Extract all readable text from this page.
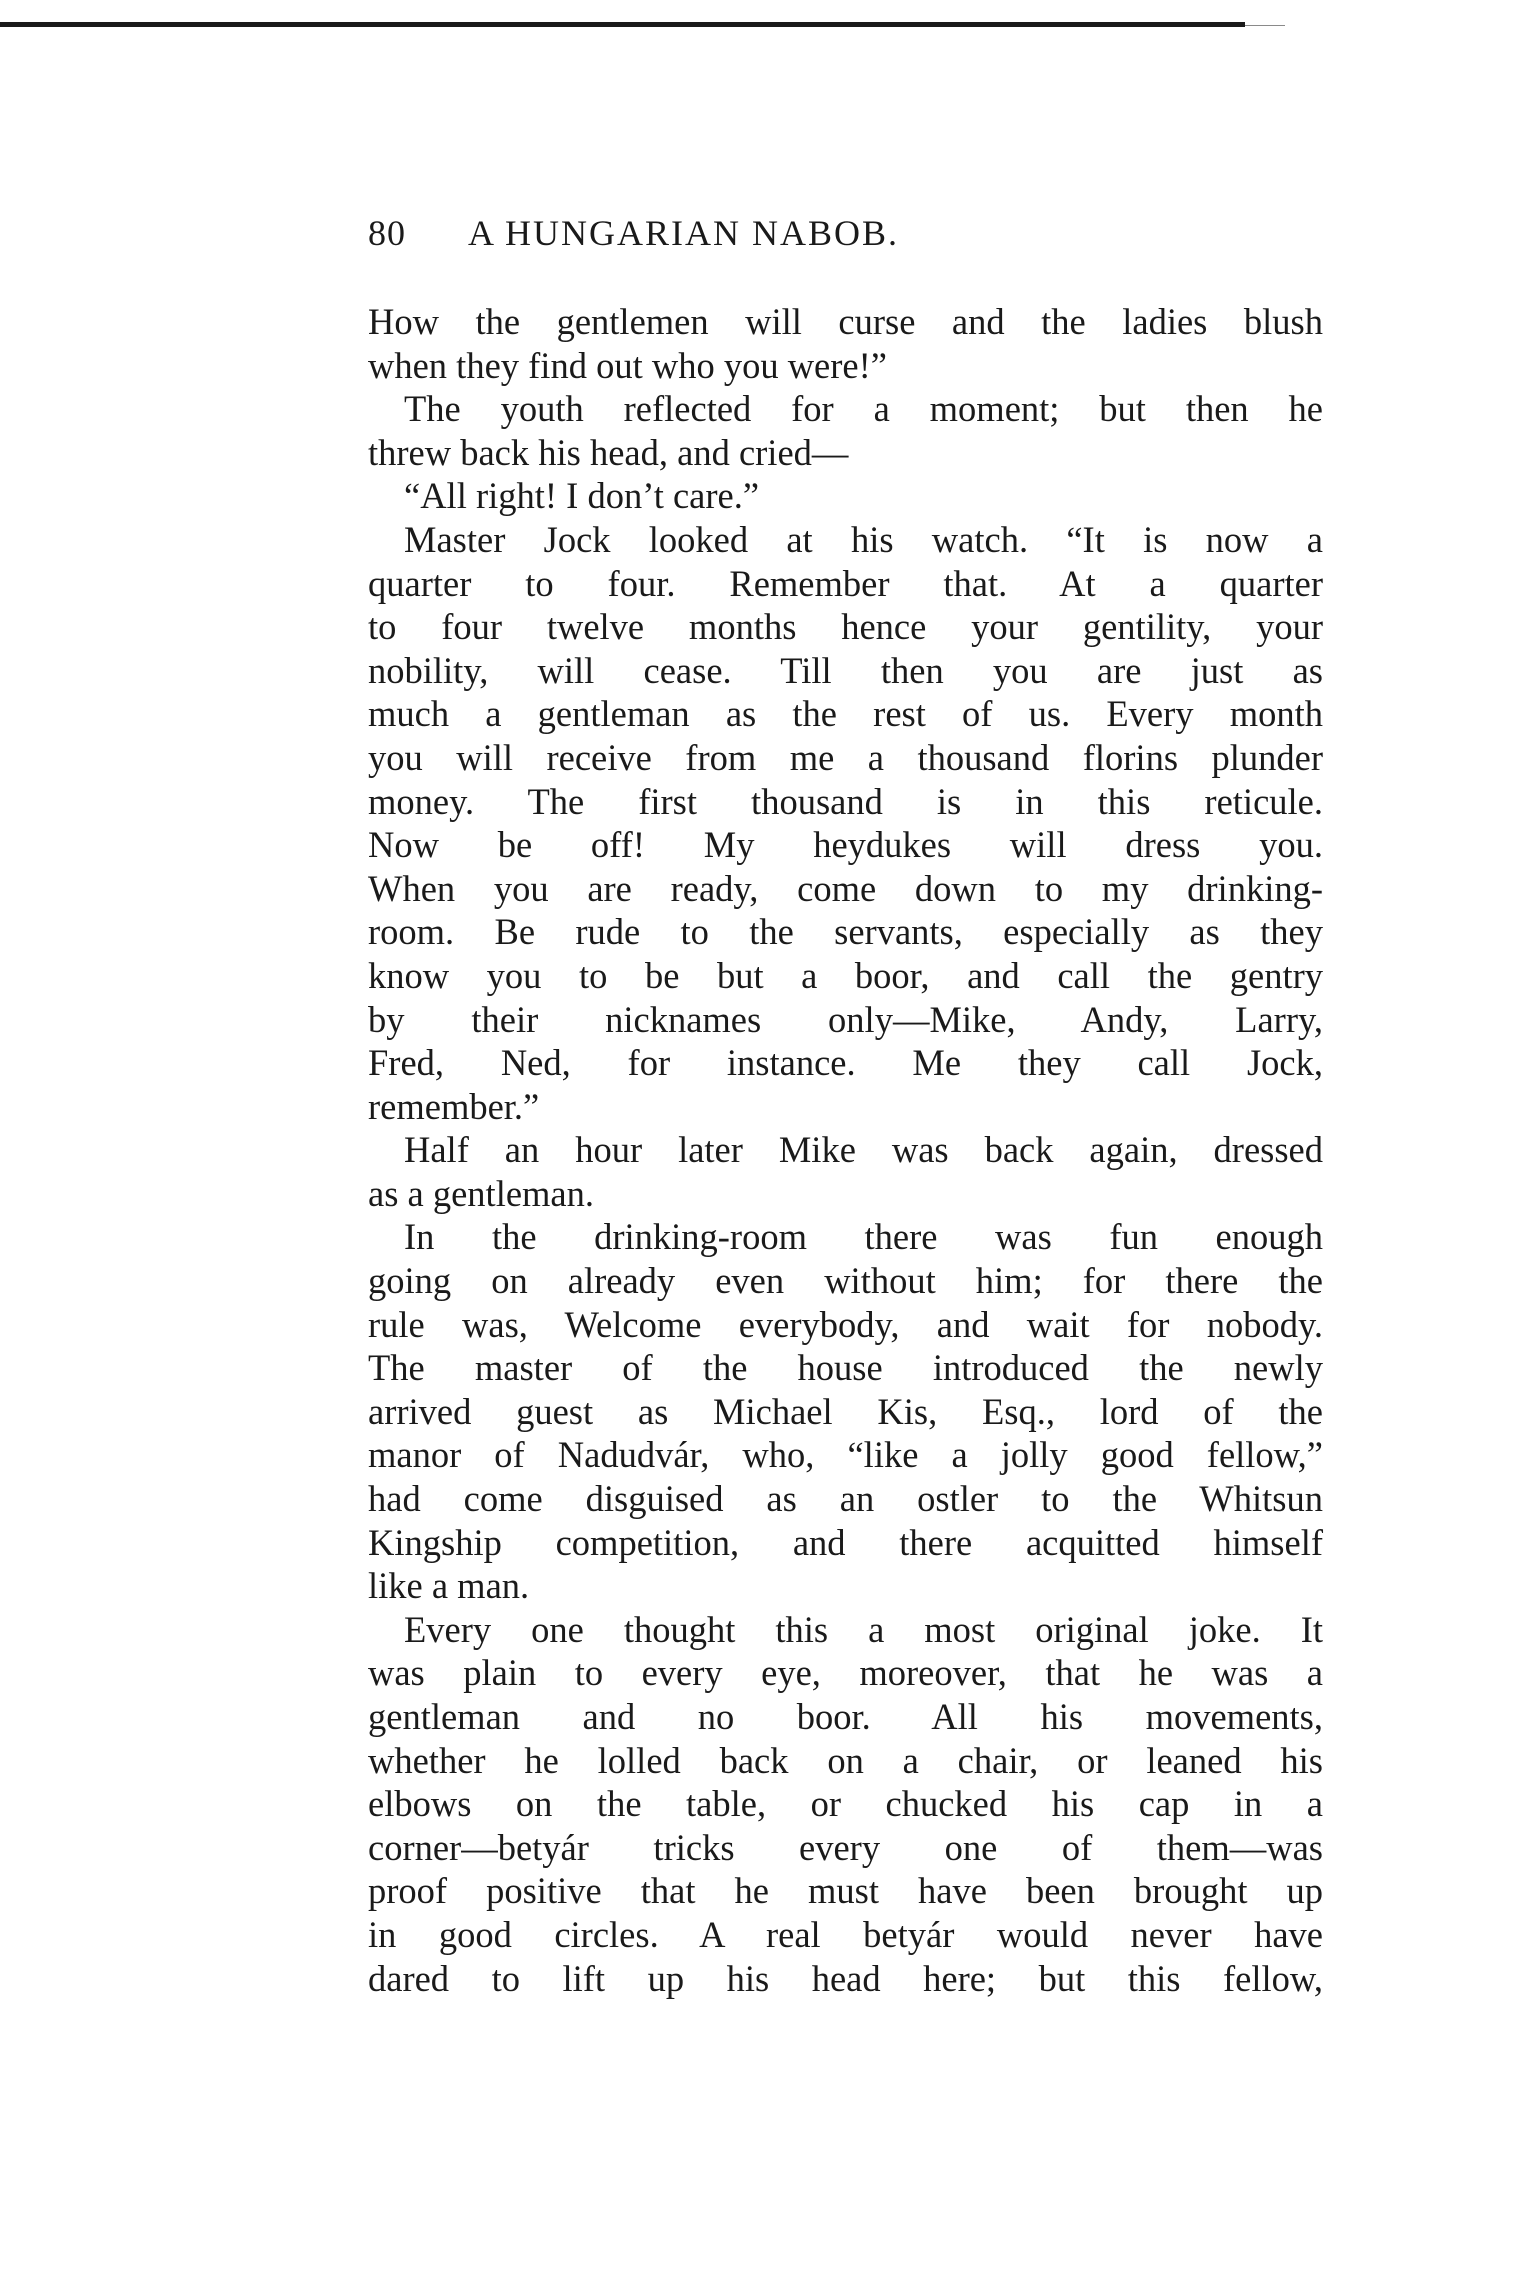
80 A HUNGARIAN NABOB.
How the gentlemen will curse and the ladies blush
when they find out who you were!”
The youth reflected for a moment; but then he
threw back his head, and cried—
“All right! I don’t care.”
Master Jock looked at his watch. “It is now a
quarter to four. Remember that. At a quarter
to four twelve months hence your gentility, your
nobility, will cease. Till then you are just as
much a gentleman as the rest of us. Every month
you will receive from me a thousand florins plunder
money. The first thousand is in this reticule.
Now be off! My heydukes will dress you.
When you are ready, come down to my drinking-
room. Be rude to the servants, especially as they
know you to be but a boor, and call the gentry
by their nicknames only—Mike, Andy, Larry,
Fred, Ned, for instance. Me they call Jock,
remember.”
Half an hour later Mike was back again, dressed
as a gentleman.
In the drinking-room there was fun enough
going on already even without him; for there the
rule was, Welcome everybody, and wait for nobody.
The master of the house introduced the newly
arrived guest as Michael Kis, Esq., lord of the
manor of Nadudvár, who, “like a jolly good fellow,”
had come disguised as an ostler to the Whitsun
Kingship competition, and there acquitted himself
like a man.
Every one thought this a most original joke. It
was plain to every eye, moreover, that he was a
gentleman and no boor. All his movements,
whether he lolled back on a chair, or leaned his
elbows on the table, or chucked his cap in a
corner—betyár tricks every one of them—was
proof positive that he must have been brought up
in good circles. A real betyár would never have
dared to lift up his head here; but this fellow,
